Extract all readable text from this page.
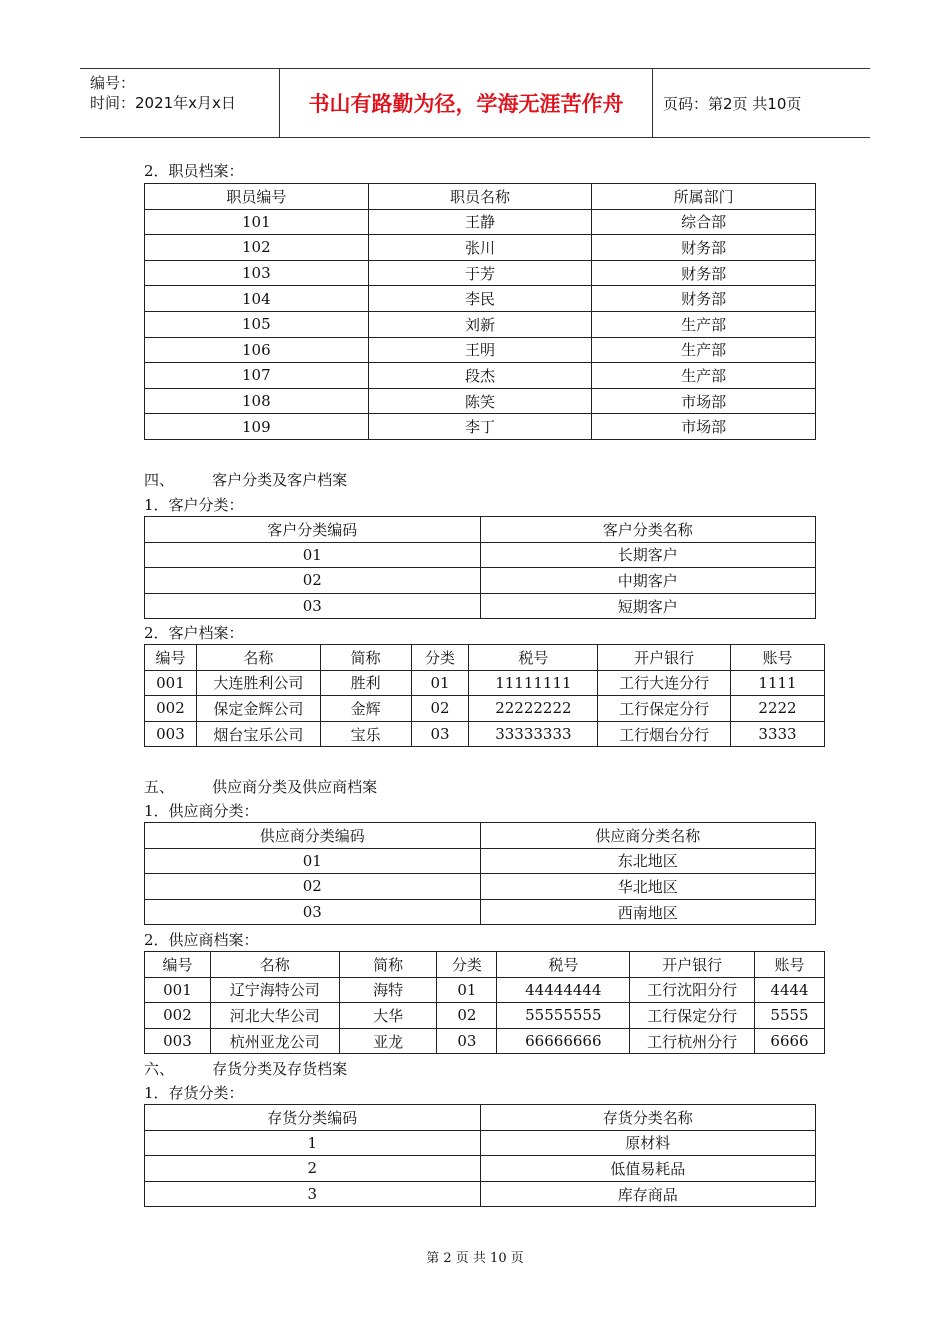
编号：
时间：2021年x月x日	书山有路勤为径，学海无涯苦作舟	页码：第2页 共10页
2．职员档案：
职员编号	职员名称	所属部门
101	王静	综合部
102	张川	财务部
103	于芳	财务部
104	李民	财务部
105	刘新	生产部
106	王明	生产部
107	段杰	生产部
108	陈笑	市场部
109	李丁	市场部
四、        客户分类及客户档案
1．客户分类：
客户分类编码	客户分类名称
01	长期客户
02	中期客户
03	短期客户
2．客户档案：
编号	名称	简称	分类	税号	开户银行	账号
001	大连胜利公司	胜利	01	11111111	工行大连分行	1111
002	保定金辉公司	金辉	02	22222222	工行保定分行	2222
003	烟台宝乐公司	宝乐	03	33333333	工行烟台分行	3333
五、        供应商分类及供应商档案
1．供应商分类：
供应商分类编码	供应商分类名称
01	东北地区
02	华北地区
03	西南地区
2．供应商档案：
编号	名称	简称	分类	税号	开户银行	账号
001	辽宁海特公司	海特	01	44444444	工行沈阳分行	4444
002	河北大华公司	大华	02	55555555	工行保定分行	5555
003	杭州亚龙公司	亚龙	03	66666666	工行杭州分行	6666
六、        存货分类及存货档案
1．存货分类：
存货分类编码	存货分类名称
1	原材料
2	低值易耗品
3	库存商品
第 2 页 共 10 页
